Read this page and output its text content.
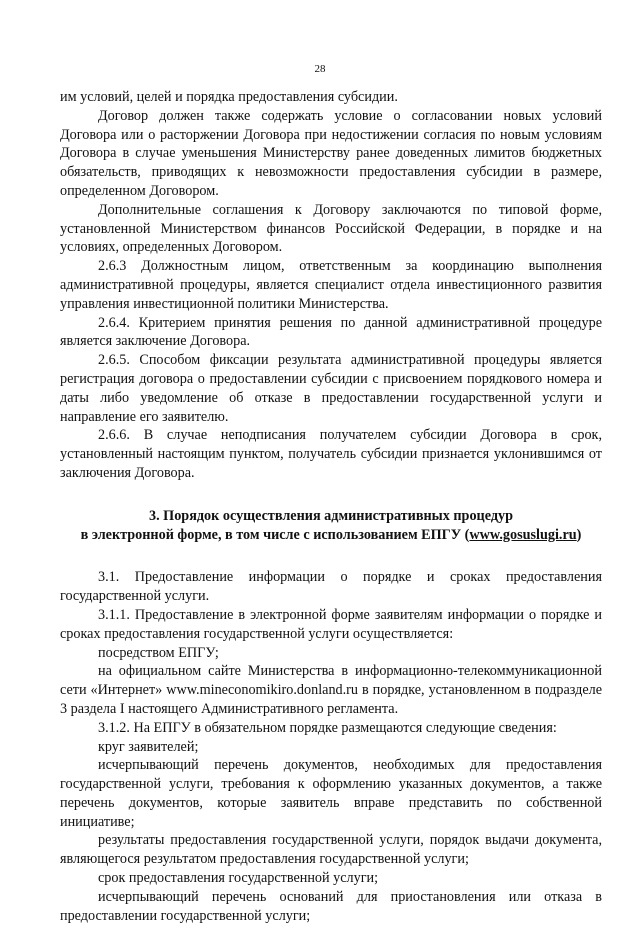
28

им условий, целей и порядка предоставления субсидии.

Договор должен также содержать условие о согласовании новых условий Договора или о расторжении Договора при недостижении согласия по новым условиям Договора в случае уменьшения Министерству ранее доведенных лимитов бюджетных обязательств, приводящих к невозможности предоставления субсидии в размере, определенном Договором.

Дополнительные соглашения к Договору заключаются по типовой форме, установленной Министерством финансов Российской Федерации, в порядке и на условиях, определенных Договором.

2.6.3 Должностным лицом, ответственным за координацию выполнения административной процедуры, является специалист отдела инвестиционного развития управления инвестиционной политики Министерства.

2.6.4. Критерием принятия решения по данной административной процедуре является заключение Договора.

2.6.5. Способом фиксации результата административной процедуры является регистрация договора о предоставлении субсидии с присвоением порядкового номера и даты либо уведомление об отказе в предоставлении государственной услуги и направление его заявителю.

2.6.6. В случае неподписания получателем субсидии Договора в срок, установленный настоящим пунктом, получатель субсидии признается уклонившимся от заключения Договора.

3. Порядок осуществления административных процедур
в электронной форме, в том числе с использованием ЕПГУ (www.gosuslugi.ru)

3.1. Предоставление информации о порядке и сроках предоставления государственной услуги.

3.1.1. Предоставление в электронной форме заявителям информации о порядке и сроках предоставления государственной услуги осуществляется:

посредством ЕПГУ;

на официальном сайте Министерства в информационно-телекоммуникационной сети «Интернет» www.mineconomikiro.donland.ru в порядке, установленном в подразделе 3 раздела I настоящего Административного регламента.

3.1.2. На ЕПГУ в обязательном порядке размещаются следующие сведения:

круг заявителей;

исчерпывающий перечень документов, необходимых для предоставления государственной услуги, требования к оформлению указанных документов, а также перечень документов, которые заявитель вправе представить по собственной инициативе;

результаты предоставления государственной услуги, порядок выдачи документа, являющегося результатом предоставления государственной услуги;

срок предоставления государственной услуги;

исчерпывающий перечень оснований для приостановления или отказа в предоставлении государственной услуги;
